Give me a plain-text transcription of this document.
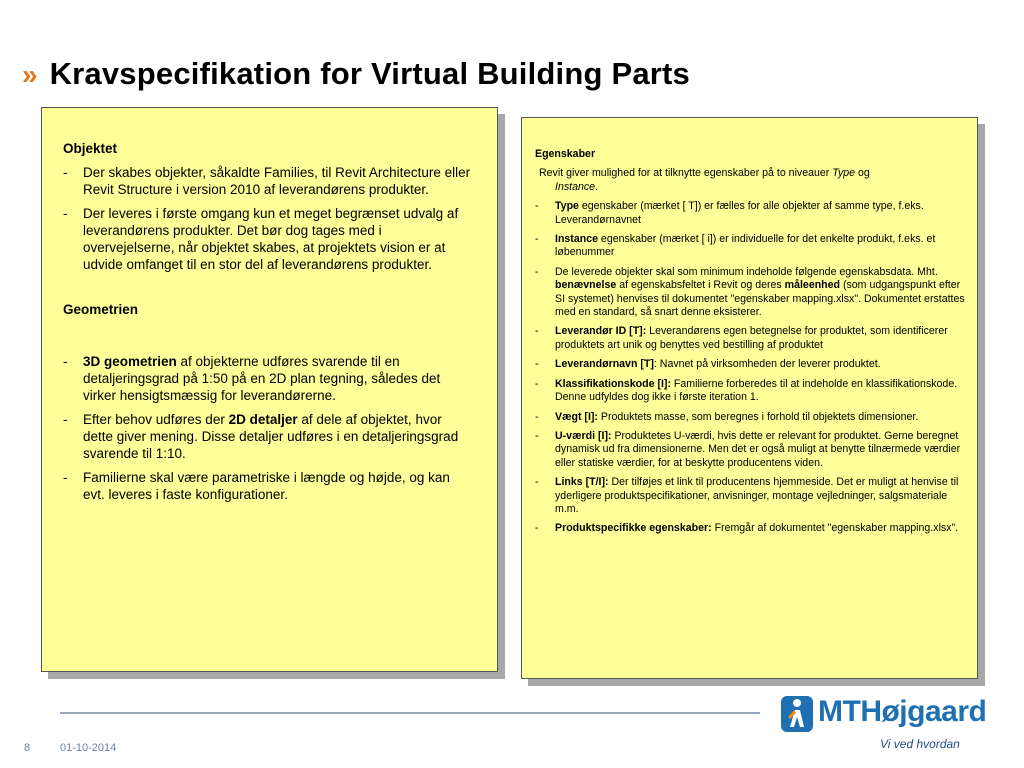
» Kravspecifikation for Virtual Building Parts
Objektet
- Der skabes objekter, såkaldte Families, til Revit Architecture eller Revit Structure i version 2010 af leverandørens produkter.
- Der leveres i første omgang kun et meget begrænset udvalg af leverandørens produkter. Det bør dog tages med i overvejelserne, når objektet skabes, at projektets vision er at udvide omfanget til en stor del af leverandørens produkter.
Geometrien
- 3D geometrien af objekterne udføres svarende til en detaljeringsgrad på 1:50 på en 2D plan tegning, således det virker hensigtsmæssig for leverandørerne.
- Efter behov udføres der 2D detaljer af dele af objektet, hvor dette giver mening. Disse detaljer udføres i en detaljeringsgrad svarende til 1:10.
- Familierne skal være parametriske i længde og højde, og kan evt. leveres i faste konfigurationer.
Egenskaber
Revit giver mulighed for at tilknytte egenskaber på to niveauer Type og
Instance.
- Type egenskaber (mærket [ T]) er fælles for alle objekter af samme type, f.eks. Leverandørnavnet
- Instance egenskaber (mærket [ i]) er individuelle for det enkelte produkt, f.eks. et løbenummer
- De leverede objekter skal som minimum indeholde følgende egenskabsdata. Mht. benævnelse af egenskabsfeltet i Revit og deres måleenhed (som udgangspunkt efter SI systemet) henvises til dokumentet "egenskaber mapping.xlsx". Dokumentet erstattes med en standard, så snart denne eksisterer.
- Leverandør ID [T]: Leverandørens egen betegnelse for produktet, som identificerer produktets art unik og benyttes ved bestilling af produktet
- Leverandørnavn [T]: Navnet på virksomheden der leverer produktet.
- Klassifikationskode [I]: Familierne forberedes til at indeholde en klassifikationskode. Denne udfyldes dog ikke i første iteration 1.
- Vægt [I]: Produktets masse, som beregnes i forhold til objektets dimensioner.
- U-værdi [I]: Produktetes U-værdi, hvis dette er relevant for produktet. Gerne beregnet dynamisk ud fra dimensionerne. Men det er også muligt at benytte tilnærmede værdier eller statiske værdier, for at beskytte producentens viden.
- Links [T/I]: Der tilføjes et link til producentens hjemmeside. Det er muligt at henvise til yderligere produktspecifikationer, anvisninger, montage vejledninger, salgsmateriale m.m.
- Produktspecifikke egenskaber: Fremgår af dokumentet "egenskaber mapping.xlsx".
MTHøjgaard
Vi ved hvordan
8	01-10-2014
